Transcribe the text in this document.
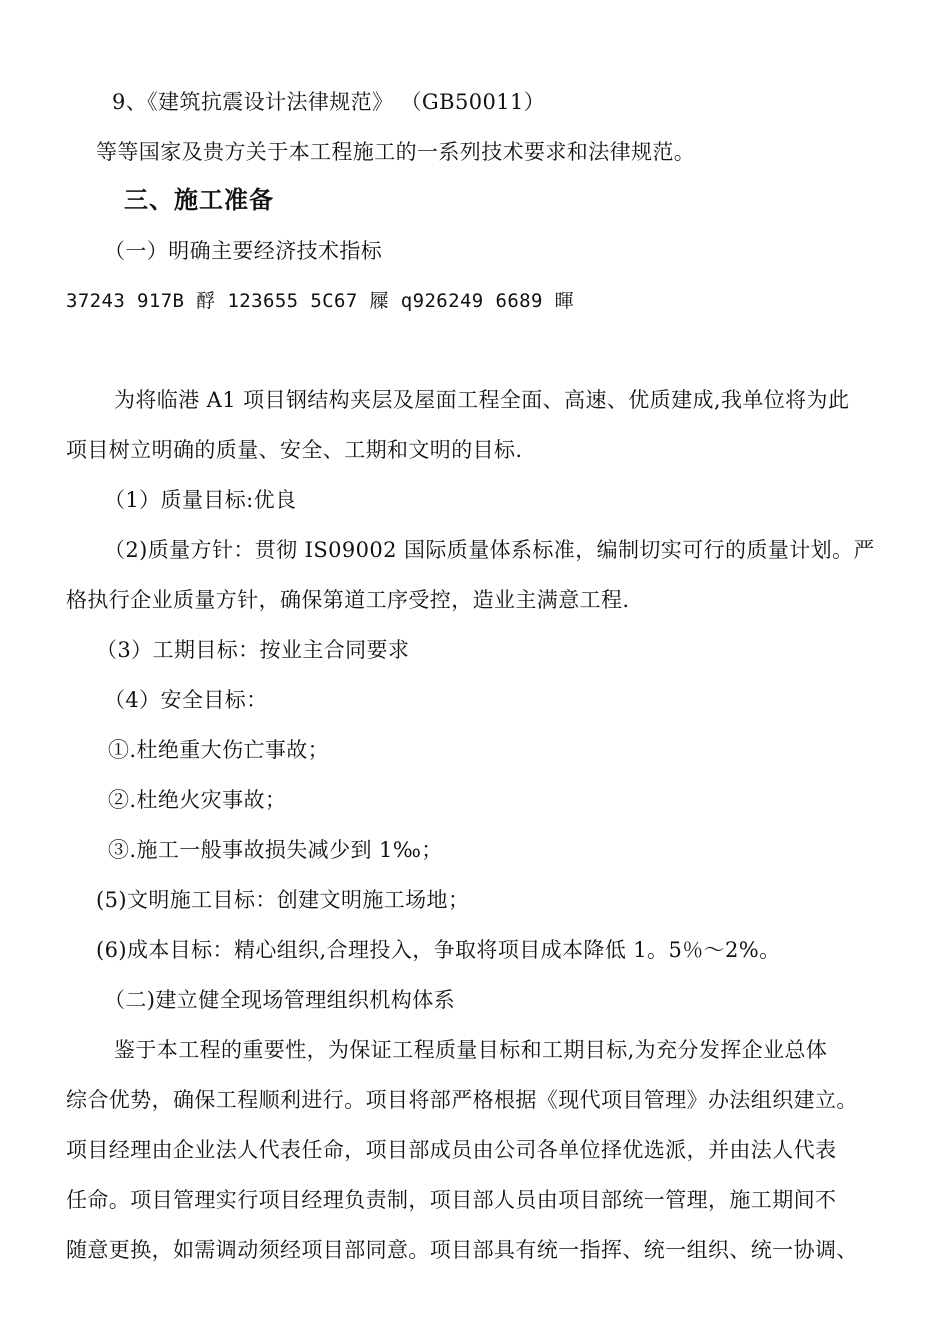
9、《建筑抗震设计法律规范》 （GB50011）
等等国家及贵方关于本工程施工的一系列技术要求和法律规范。
三、施工准备
（一）明确主要经济技术指标
37243 917B 酻 123655 5C67 屧 q926249 6689 暉
为将临港 A1 项目钢结构夹层及屋面工程全面、高速、优质建成,我单位将为此
项目树立明确的质量、安全、工期和文明的目标.
（1）质量目标:优良
（2)质量方针：贯彻 IS09002 国际质量体系标准，编制切实可行的质量计划。严
格执行企业质量方针，确保第道工序受控，造业主满意工程.
（3）工期目标：按业主合同要求
（4）安全目标：
①.杜绝重大伤亡事故；
②.杜绝火灾事故；
③.施工一般事故损失减少到 1‰；
(5)文明施工目标：创建文明施工场地；
(6)成本目标：精心组织,合理投入，争取将项目成本降低 1。5％～2%。
（二)建立健全现场管理组织机构体系
鉴于本工程的重要性，为保证工程质量目标和工期目标,为充分发挥企业总体
综合优势，确保工程顺利进行。项目将部严格根据《现代项目管理》办法组织建立。
项目经理由企业法人代表任命，项目部成员由公司各单位择优选派，并由法人代表
任命。项目管理实行项目经理负责制，项目部人员由项目部统一管理，施工期间不
随意更换，如需调动须经项目部同意。项目部具有统一指挥、统一组织、统一协调、
